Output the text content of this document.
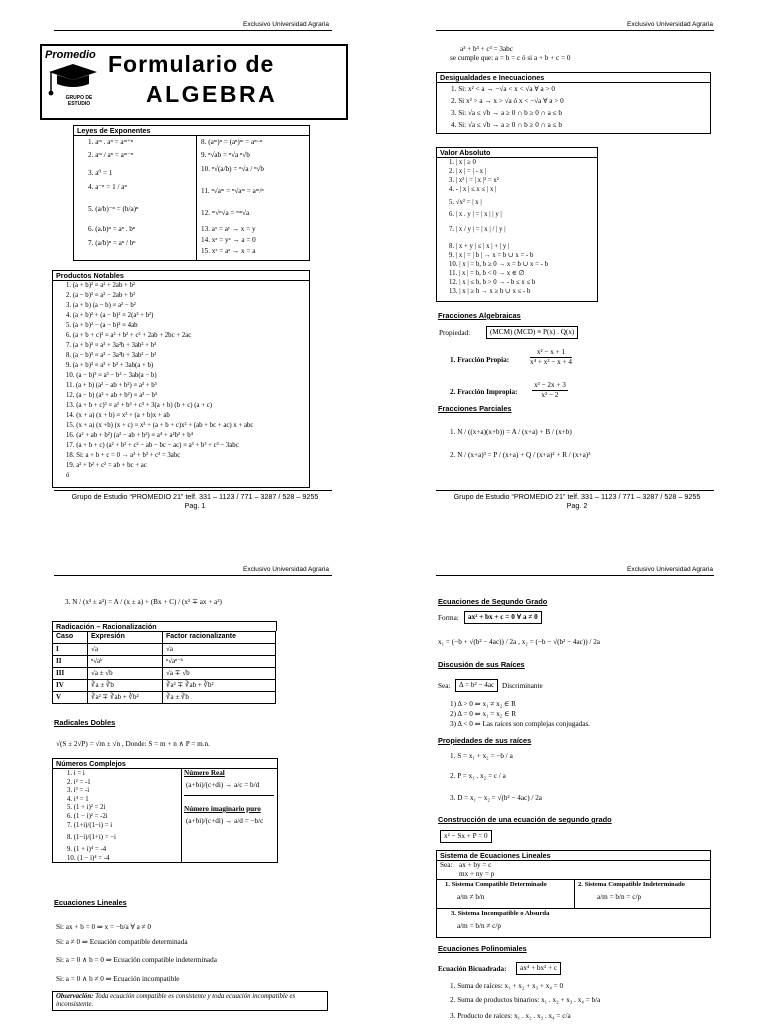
Exclusivo Universidad Agraria
Promedio
GRUPO DE ESTUDIO
Formulario de
ALGEBRA
Leyes de Exponentes
1. aᵐ . aⁿ = aᵐ⁺ⁿ
2. aᵐ / aⁿ = aᵐ⁻ⁿ
3. a⁰ = 1
4. a⁻ⁿ = 1 / aⁿ
5. (a/b)⁻ⁿ = (b/a)ⁿ
6. (a.b)ⁿ = aⁿ . bⁿ
7. (a/b)ⁿ = aⁿ / bⁿ
8. (aᵐ)ⁿ = (aⁿ)ᵐ = aᵐ·ⁿ
9. ⁿ√ab = ⁿ√a ⁿ√b
10. ⁿ√(a/b) = ⁿ√a / ⁿ√b
11. ⁿ√aᵐ = ⁿ√aᵐ = aᵐ/ⁿ
12. ᵐ√ⁿ√a = ᵐⁿ√a
13. aˣ = aʸ → x = y
14. xᵃ = yᵃ → a = 0
15. xˣ = aᵃ → x = a
Productos Notables
1. (a + b)² ≡ a² + 2ab + b²
2. (a − b)² ≡ a² − 2ab + b²
3. (a + b) (a − b) ≡ a² − b²
4. (a + b)² + (a − b)² ≡ 2(a² + b²)
5. (a + b)² − (a − b)² ≡ 4ab
6. (a + b + c)² ≡ a² + b² + c² + 2ab + 2bc + 2ac
7. (a + b)³ ≡ a³ + 3a²b + 3ab² + b³
8. (a − b)³ ≡ a³ − 3a²b + 3ab² − b³
9. (a + b)³ ≡ a³ + b³ + 3ab(a + b)
10. (a − b)³ ≡ a³ − b³ − 3ab(a − b)
11. (a + b) (a² − ab + b²) ≡ a³ + b³
12. (a − b) (a² + ab + b²) ≡ a³ − b³
13. (a + b + c)³ ≡ a³ + b³ + c³ + 3(a + b) (b + c) (a + c)
14. (x + a) (x + b) ≡ x² + (a + b)x + ab
15. (x + a) (x +b) (x + c) ≡ x³ + (a + b + c)x² + (ab + bc + ac) x + abc
16. (a² + ab + b²) (a² − ab + b²) ≡ a⁴ + a²b² + b⁴
17. (a + b + c) (a² + b² + c² − ab − bc − ac) ≡ a³ + b³ + c³ − 3abc
18. Si: a + b + c = 0 → a³ + b³ + c³ = 3abc
19. a² + b² + c² = ab + bc + ac
ó
Grupo de Estudio “PROMEDIO 21” telf. 331 – 1123 / 771 – 3287 / 528 – 9255
Pag. 1
Exclusivo Universidad Agraria
a³ + b³ + c³ = 3abc
se cumple que: a = b = c ó si a + b + c = 0
Desigualdades e Inecuaciones
1. Si: x² < a → −√a < x < √a ∀ a > 0
2. Si x² > a → x > √a ó x < −√a ∀ a > 0
3. Si: √a ≤ √b → a ≥ 0 ∩ b ≥ 0 ∩ a ≤ b
4. Si: √a ≤ √b → a ≥ 0 ∩ b ≥ 0 ∩ a ≤ b
Valor Absoluto
1. | x | ≥ 0
2. | x | = | - x |
3. | x² | = | x |² = x²
4. - | x | ≤ x ≤ | x |
5. √x² = | x |
6. | x . y | = | x | | y |
7. | x / y | = | x | / | y |
8. | x + y | ≤ | x | + | y |
9. | x | = | b | → x = b ∪ x = - b
10. | x | = b, b ≥ 0 → x = b ∪ x = - b
11. | x | = b, b < 0 → x ∈ ∅
12. | x | ≤ b, b > 0 → - b ≤ x ≤ b
13. | x | ≥ b → x ≥ b ∪ x ≤ - b
Fracciones Algebraicas
Propiedad:	(MCM) (MCD) ≡ P(x) . Q(x)
1. Fracción Propia:	$\frac{\text{x² − x + 1}}{\text{x⁴ + x² − x + 4}}$
2. Fracción Impropia: $\frac{\text{x³ − 2x + 3}}{\text{x² − 2}}$
Fracciones Parciales
1. N / ((x+a)(x+b)) = A / (x+a) + B / (x+b)
2. N / (x+a)³ = P / (x+a) + Q / (x+a)² + R / (x+a)³
Grupo de Estudio “PROMEDIO 21” telf. 331 – 1123 / 771 – 3287 / 528 – 9255
Pag. 2
Exclusivo Universidad Agraria
3. N / (x³ ± a³) = A / (x ± a) + (Bx + C) / (x² ∓ ax + a²)
Radicación – Racionalización
Caso	Expresión	Factor racionalizante
I	√a	√a
II	ⁿ√aᵏ	ⁿ√aⁿ⁻ᵏ
III	√a ± √b	√a ∓ √b
IV	∛a ± ∛b	∛a² ∓ ∛ab + ∛b²
V	∛a² ∓ ∛ab + ∛b²	∛a ± ∛b
Radicales Dobles
√(S ± 2√P) = √m ± √n , Donde: S = m + n ∧ P = m.n.
Números Complejos
1. i = i
2. i² = -1
3. i³ = -i
4. i⁴ = 1
5. (1 + i)² = 2i
6. (1 − i)² = -2i
7. (1+i)/(1−i) = i
8. (1−i)/(1+i) = −i
9. (1 + i)⁴ = -4
10. (1 − i)⁴ = -4
Número Real
(a+bi)/(c+di) → a/c = b/d
Número imaginario puro
(a+bi)/(c+di) → a/d = −b/c
Ecuaciones Lineales
Si: ax + b = 0 ⇒ x = −b/a ∀ a ≠ 0
Si: a ≠ 0 ⇒ Ecuación compatible determinada
Si: a = 0 ∧ b = 0 ⇒ Ecuación compatible indeterminada
Si: a = 0 ∧ b ≠ 0 ⇒ Ecuación incompatible
Observación: Toda ecuación compatible es consistente y toda ecuación incompatible es inconsistente.
Exclusivo Universidad Agraria
Ecuaciones de Segundo Grado
Forma:	ax² + bx + c = 0 ∀ a ≠ 0
x₁ = (−b + √(b² − 4ac)) / 2a , x₂ = (−b − √(b² − 4ac)) / 2a
Discusión de sus Raíces
Sea:	Δ = b² − 4ac	Discriminante
1) Δ > 0 ⇒ x₁ ≠ x₂ ∈ R
2) Δ = 0 ⇒ x₁ = x₂ ∈ R
3) Δ < 0 ⇒ Las raíces son complejas conjugadas.
Propiedades de sus raíces
1. S = x₁ + x₂ = −b / a
2. P = x₁ . x₂ = c / a
3. D = x₁ − x₂ = √(b² − 4ac) / 2a
Construcción de una ecuación de segundo grado
x² − Sx + P = 0
Sistema de Ecuaciones Lineales
Sea: ax + by = c
mx + ny = p
1. Sistema Compatible Determinado
a/m ≠ b/n
2. Sistema Compatible Indeterminado
a/m = b/n = c/p
3. Sistema Incompatible o Absurda
a/m = b/n ≠ c/p
Ecuaciones Polinomiales
Ecuación Bicuadrada:	ax⁴ + bx² + c
1. Suma de raíces: x₁ + x₂ + x₃ + x₄ = 0
2. Suma de productos binarios: x₁ . x₂ + x₃ . x₄ = b/a
3. Producto de raíces: x₁ . x₂ . x₃ . x₄ = c/a
